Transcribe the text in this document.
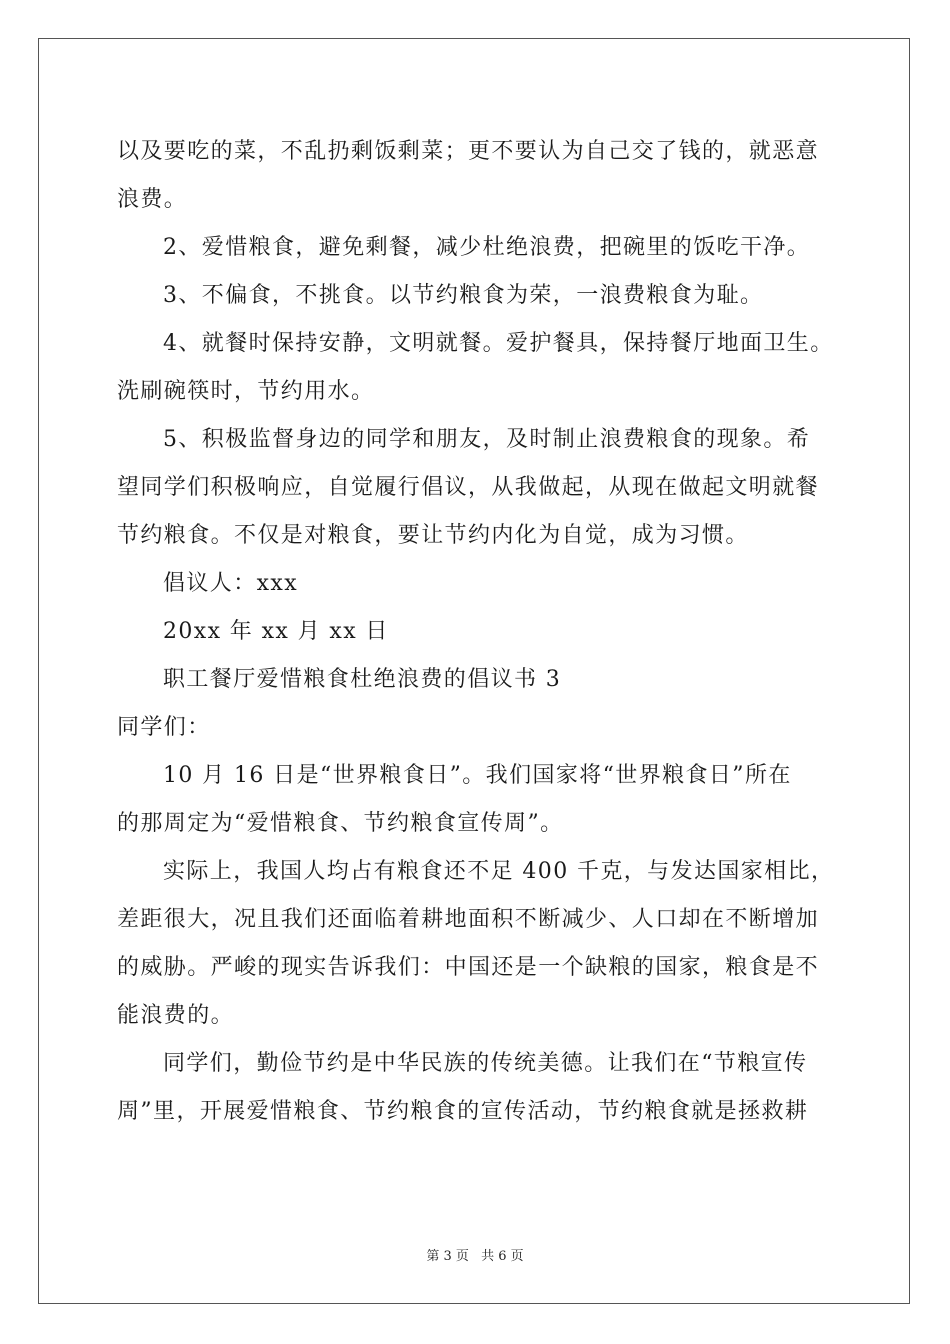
以及要吃的菜，不乱扔剩饭剩菜；更不要认为自己交了钱的，就恶意

浪费。

2、爱惜粮食，避免剩餐，减少杜绝浪费，把碗里的饭吃干净。

3、不偏食，不挑食。以节约粮食为荣，一浪费粮食为耻。

4、就餐时保持安静，文明就餐。爱护餐具，保持餐厅地面卫生。

洗刷碗筷时，节约用水。

5、积极监督身边的同学和朋友，及时制止浪费粮食的现象。希

望同学们积极响应，自觉履行倡议，从我做起，从现在做起文明就餐

节约粮食。不仅是对粮食，要让节约内化为自觉，成为习惯。

倡议人：xxx

20xx 年 xx 月 xx 日

职工餐厅爱惜粮食杜绝浪费的倡议书 3

同学们：

10 月 16 日是“世界粮食日”。我们国家将“世界粮食日”所在

的那周定为“爱惜粮食、节约粮食宣传周”。

实际上，我国人均占有粮食还不足 400 千克，与发达国家相比，

差距很大，况且我们还面临着耕地面积不断减少、人口却在不断增加

的威胁。严峻的现实告诉我们：中国还是一个缺粮的国家，粮食是不

能浪费的。

同学们，勤俭节约是中华民族的传统美德。让我们在“节粮宣传

周”里，开展爱惜粮食、节约粮食的宣传活动，节约粮食就是拯救耕

第 3 页 共 6 页
